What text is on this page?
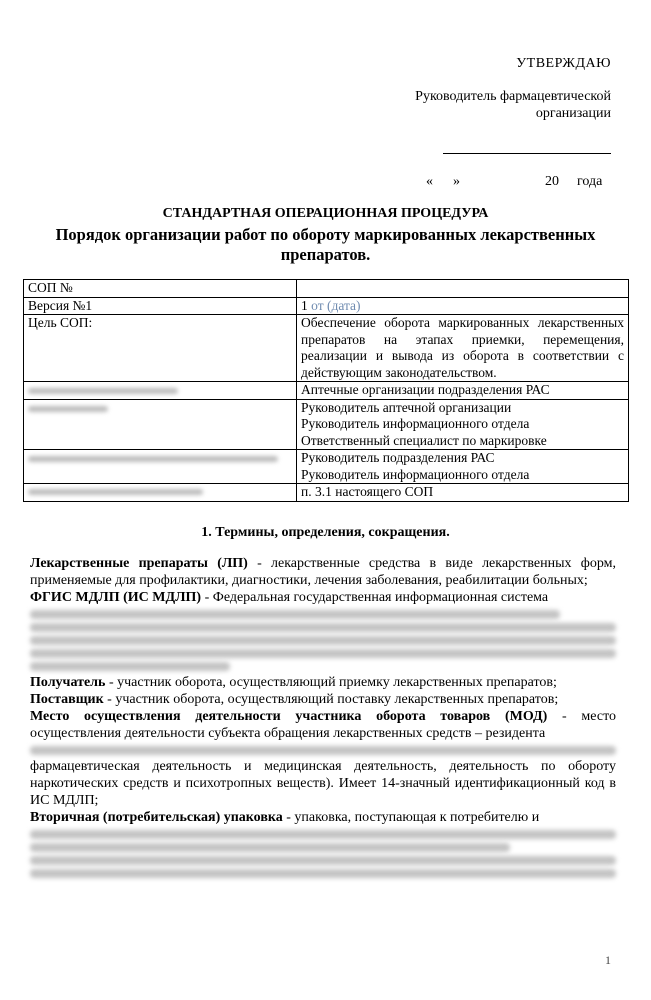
УТВЕРЖДАЮ
Руководитель фармацевтической
организации
« »	20 года
СТАНДАРТНАЯ ОПЕРАЦИОННАЯ ПРОЦЕДУРА
Порядок организации работ по обороту маркированных лекарственных препаратов.
СОП №	
Версия №1	1 от (дата)
Цель СОП:	Обеспечение оборота маркированных лекарственных препаратов на этапах приемки, перемещения, реализации и вывода из оборота в соответствии с действующим законодательством.

	Аптечные организации подразделения РАС

	Руководитель аптечной организации
Руководитель информационного отдела
Ответственный специалист по маркировке

	Руководитель подразделения РАС
Руководитель информационного отдела

	п. 3.1 настоящего СОП
1. Термины, определения, сокращения.

Лекарственные препараты (ЛП) - лекарственные средства в виде лекарственных форм, применяемые для профилактики, диагностики, лечения заболевания, реабилитации больных;

ФГИС МДЛП (ИС МДЛП) - Федеральная государственная информационная система

Получатель - участник оборота, осуществляющий приемку лекарственных препаратов;

Поставщик - участник оборота, осуществляющий поставку лекарственных препаратов;

Место осуществления деятельности участника оборота товаров (МОД) - место осуществления деятельности субъекта обращения лекарственных средств – резидента

фармацевтическая деятельность и медицинская деятельность, деятельность по обороту наркотических средств и психотропных веществ). Имеет 14-значный идентификационный код в ИС МДЛП;

Вторичная (потребительская) упаковка - упаковка, поступающая к потребителю и

1
